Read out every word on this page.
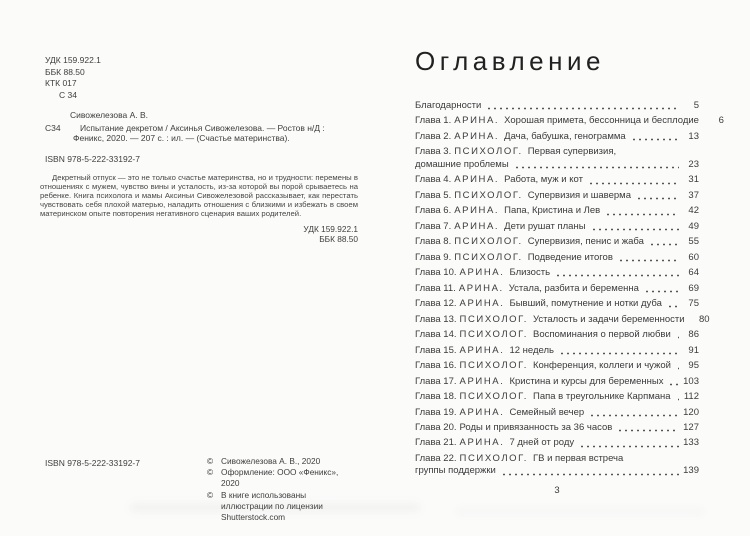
УДК 159.922.1
ББК 88.50
КТК 017
С 34
Сивожелезова А. В.
С34 Испытание декретом / Аксинья Сивожелезова. — Ростов н/Д : Феникс, 2020. — 207 с. : ил. — (Счастье материнства).
ISBN 978-5-222-33192-7
Декретный отпуск — это не только счастье материнства, но и трудности: перемены в отношениях с мужем, чувство вины и усталость, из-за которой вы порой срываетесь на ребенке. Книга психолога и мамы Аксиньи Сивожелезовой рассказывает, как перестать чувствовать себя плохой матерью, наладить отношения с близкими и избежать в своем материнском опыте повторения негативного сценария ваших родителей.
УДК 159.922.1
ББК 88.50
ISBN 978-5-222-33192-7	© Сивожелезова А. В., 2020
© Оформление: ООО «Феникс», 2020
© В книге использованы
иллюстрации по лицензии
Shutterstock.com
Оглавление
Благодарности	5
Глава 1. АРИНА. Хорошая примета, бессонница и бесплодие	6
Глава 2. АРИНА. Дача, бабушка, генограмма	13
Глава 3. ПСИХОЛОГ. Первая супервизия,
домашние проблемы	23
Глава 4. АРИНА. Работа, муж и кот	31
Глава 5. ПСИХОЛОГ. Супервизия и шаверма	37
Глава 6. АРИНА. Папа, Кристина и Лев	42
Глава 7. АРИНА. Дети рушат планы	49
Глава 8. ПСИХОЛОГ. Супервизия, пенис и жаба	55
Глава 9. ПСИХОЛОГ. Подведение итогов	60
Глава 10. АРИНА. Близость	64
Глава 11. АРИНА. Устала, разбита и беременна	69
Глава 12. АРИНА. Бывший, помутнение и нотки дуба	75
Глава 13. ПСИХОЛОГ. Усталость и задачи беременности	80
Глава 14. ПСИХОЛОГ. Воспоминания о первой любви	86
Глава 15. АРИНА. 12 недель	91
Глава 16. ПСИХОЛОГ. Конференция, коллеги и чужой	95
Глава 17. АРИНА. Кристина и курсы для беременных 103
Глава 18. ПСИХОЛОГ. Папа в треугольнике Карпмана 112
Глава 19. АРИНА. Семейный вечер	120
Глава 20. Роды и привязанность за 36 часов	127
Глава 21. АРИНА. 7 дней от роду	133
Глава 22. ПСИХОЛОГ. ГВ и первая встреча
группы поддержки	139
3
